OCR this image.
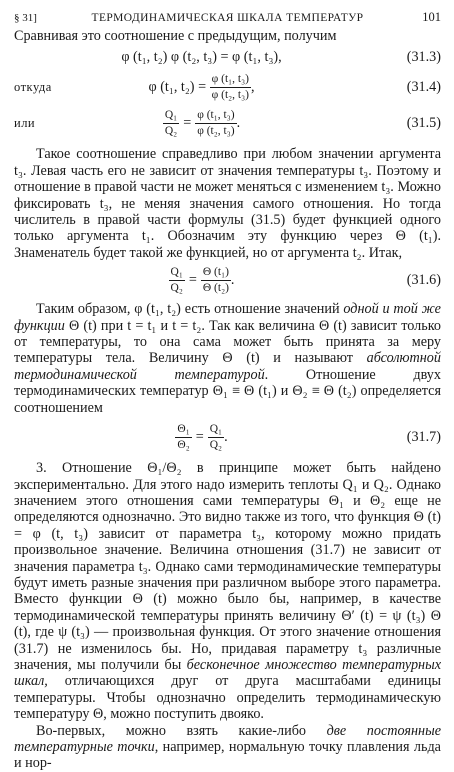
§ 31]	ТЕРМОДИНАМИЧЕСКАЯ ШКАЛА ТЕМПЕРАТУР	101

Сравнивая это соотношение с предыдущим, получим

φ (t₁, t₂) φ (t₂, t₃) = φ (t₁, t₃),	(31.3)
откуда	φ (t₁, $t_2) = \frac{\text{φ (t₁, t₃)}}{\text{φ (t₂, t₃)}}$ ,	(31.4)
или	$\frac{\text{Q₁}}{\text{Q₂}} = \frac{\text{φ (t₁, t₃)}}{\text{φ (t₂, t₃)}}$ .	(31.5)

Такое соотношение справедливо при любом значении аргумента t₃. Левая часть его не зависит от значения температуры t₃. Поэтому и отношение в правой части не может меняться с изменением t₃. Можно фиксировать t₃, не меняя значения самого отношения. Но тогда числитель в правой части формулы (31.5) будет функцией одного только аргумента t₁. Обозначим эту функцию через Θ (t₁). Знаменатель будет такой же функцией, но от аргумента t₂. Итак,

$\frac{\text{Q₁}}{\text{Q₂}} = \frac{\text{Θ (t₁)}}{\text{Θ (t₂)}}$ .	(31.6)

Таким образом, φ (t₁, t₂) есть отношение значений одной и той же функции Θ (t) при t = t₁ и t = t₂. Так как величина Θ (t) зависит только от температуры, то она сама может быть принята за меру температуры тела. Величину Θ (t) и называют абсолютной термодинамической температурой. Отношение двух термодинамических температур Θ₁ ≡ Θ (t₁) и Θ₂ ≡ Θ (t₂) определяется соотношением

$\frac{\text{Θ₁}}{\text{Θ₂}} = \frac{\text{Q₁}}{\text{Q₂}}$ .	(31.7)

3. Отношение Θ₁/Θ₂ в принципе может быть найдено экспериментально. Для этого надо измерить теплоты Q₁ и Q₂. Однако значением этого отношения сами температуры Θ₁ и Θ₂ еще не определяются однозначно. Это видно также из того, что функция Θ (t) = φ (t, t₃) зависит от параметра t₃, которому можно придать произвольное значение. Величина отношения (31.7) не зависит от значения параметра t₃. Однако сами термодинамические температуры будут иметь разные значения при различном выборе этого параметра. Вместо функции Θ (t) можно было бы, например, в качестве термодинамической температуры принять величину Θ′ (t) = ψ (t₃) Θ (t), где ψ (t₃) — произвольная функция. От этого значение отношения (31.7) не изменилось бы. Но, придавая параметру t₃ различные значения, мы получили бы бесконечное множество температурных шкал, отличающихся друг от друга масштабами единицы температуры. Чтобы однозначно определить термодинамическую температуру Θ, можно поступить двояко.

Во-первых, можно взять какие-либо две постоянные температурные точки, например, нормальную точку плавления льда и нор-
